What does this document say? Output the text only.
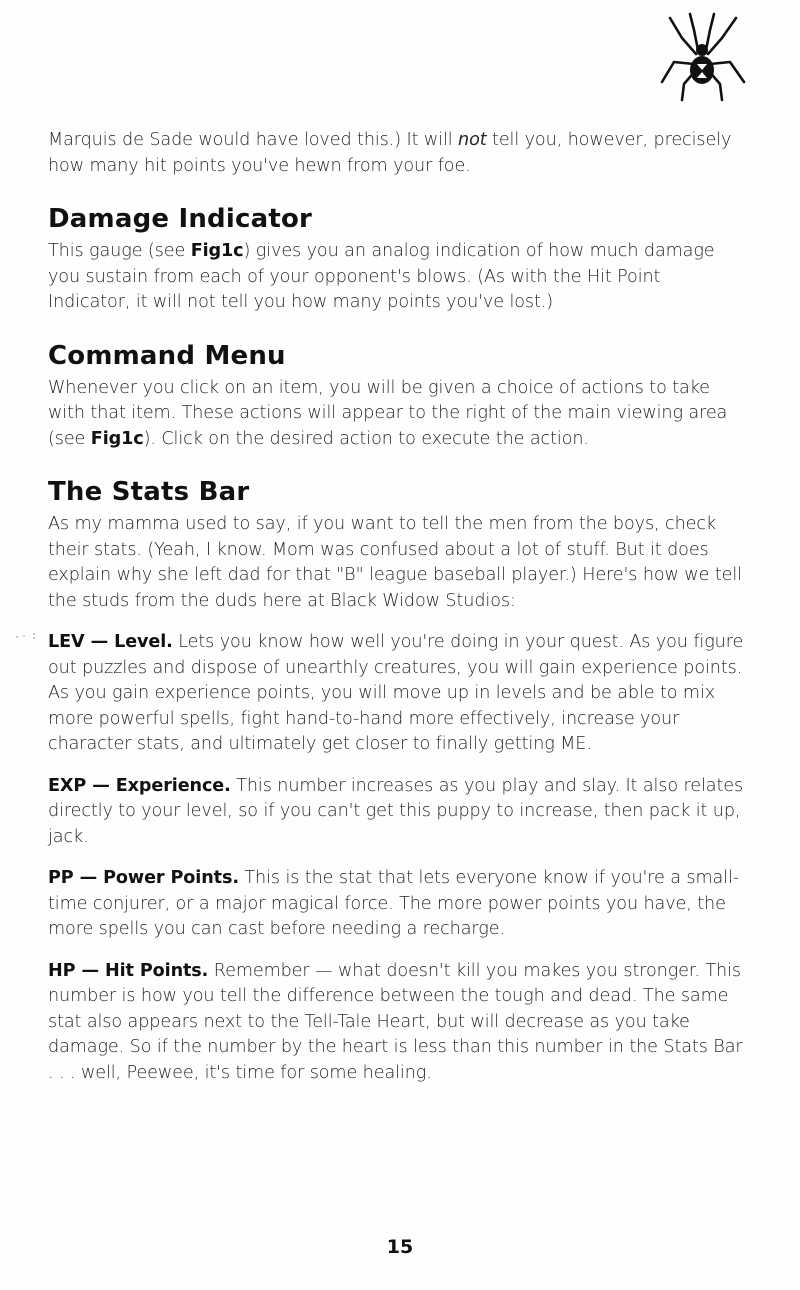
Marquis de Sade would have loved this.) It will not tell you, however, precisely how many hit points you've hewn from your foe.

Damage Indicator

This gauge (see Fig1c) gives you an analog indication of how much damage you sustain from each of your opponent's blows. (As with the Hit Point Indicator, it will not tell you how many points you've lost.)

Command Menu

Whenever you click on an item, you will be given a choice of actions to take with that item. These actions will appear to the right of the main viewing area (see Fig1c). Click on the desired action to execute the action.

The Stats Bar

As my mamma used to say, if you want to tell the men from the boys, check their stats. (Yeah, I know. Mom was confused about a lot of stuff. But it does explain why she left dad for that "B" league baseball player.) Here's how we tell the studs from the duds here at Black Widow Studios:

LEV — Level. Lets you know how well you're doing in your quest. As you figure out puzzles and dispose of unearthly creatures, you will gain experience points. As you gain experience points, you will move up in levels and be able to mix more powerful spells, fight hand-to-hand more effectively, increase your character stats, and ultimately get closer to finally getting ME.

EXP — Experience. This number increases as you play and slay. It also relates directly to your level, so if you can't get this puppy to increase, then pack it up, jack.

PP — Power Points. This is the stat that lets everyone know if you're a small-time conjurer, or a major magical force. The more power points you have, the more spells you can cast before needing a recharge.

HP — Hit Points. Remember — what doesn't kill you makes you stronger. This number is how you tell the difference between the tough and dead. The same stat also appears next to the Tell-Tale Heart, but will decrease as you take damage. So if the number by the heart is less than this number in the Stats Bar . . . well, Peewee, it's time for some healing.

15
